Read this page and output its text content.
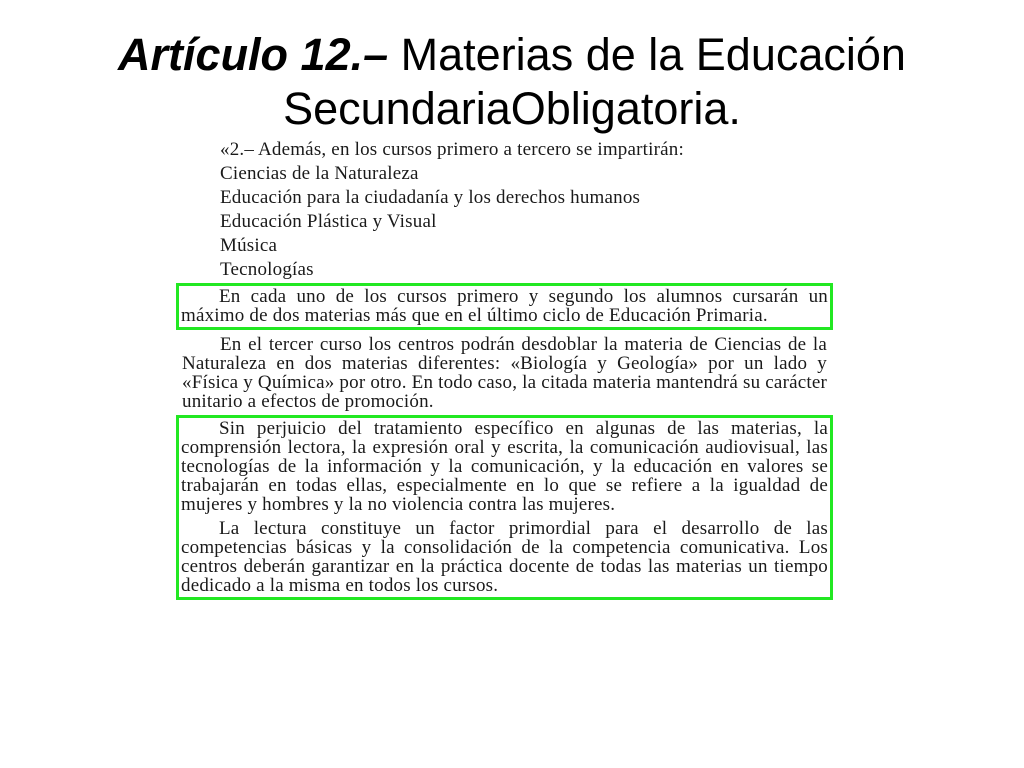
Artículo 12.– Materias de la Educación
SecundariaObligatoria.

«2.– Además, en los cursos primero a tercero se impartirán:

Ciencias de la Naturaleza

Educación para la ciudadanía y los derechos humanos

Educación Plástica y Visual

Música

Tecnologías

En cada uno de los cursos primero y segundo los alumnos cursarán un máximo de dos materias más que en el último ciclo de Educación Primaria.

En el tercer curso los centros podrán desdoblar la materia de Ciencias de la Naturaleza en dos materias diferentes: «Biología y Geología» por un lado y «Física y Química» por otro. En todo caso, la citada materia mantendrá su carácter unitario a efectos de promoción.

Sin perjuicio del tratamiento específico en algunas de las materias, la comprensión lectora, la expresión oral y escrita, la comunicación audiovisual, las tecnologías de la información y la comunicación, y la educación en valores se trabajarán en todas ellas, especialmente en lo que se refiere a la igualdad de mujeres y hombres y la no violencia contra las mujeres.

La lectura constituye un factor primordial para el desarrollo de las competencias básicas y la consolidación de la competencia comunicativa. Los centros deberán garantizar en la práctica docente de todas las materias un tiempo dedicado a la misma en todos los cursos.
